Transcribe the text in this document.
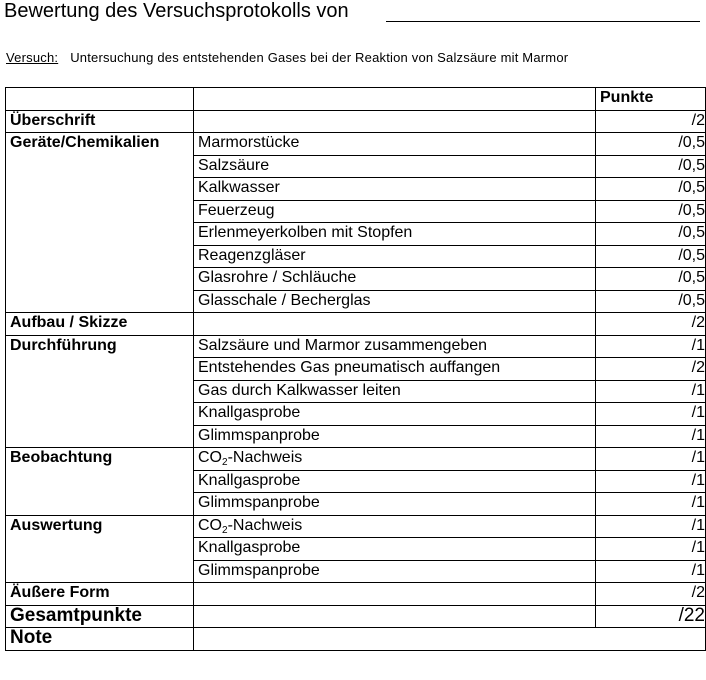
Bewertung des Versuchsprotokolls von
Versuch: Untersuchung des entstehenden Gases bei der Reaktion von Salzsäure mit Marmor
		Punkte
Überschrift		/2
Geräte/Chemikalien	Marmorstücke	/0,5
	Salzsäure	/0,5
	Kalkwasser	/0,5
	Feuerzeug	/0,5
	Erlenmeyerkolben mit Stopfen	/0,5
	Reagenzgläser	/0,5
	Glasrohre / Schläuche	/0,5
	Glasschale / Becherglas	/0,5
Aufbau / Skizze		/2
Durchführung	Salzsäure und Marmor zusammengeben	/1
	Entstehendes Gas pneumatisch auffangen	/2
	Gas durch Kalkwasser leiten	/1
	Knallgasprobe	/1
	Glimmspanprobe	/1
Beobachtung	$CO_2$-Nachweis	/1
	Knallgasprobe	/1
	Glimmspanprobe	/1
Auswertung	$CO_2$-Nachweis	/1
	Knallgasprobe	/1
	Glimmspanprobe	/1
Äußere Form		/2
Gesamtpunkte		/22
Note		
